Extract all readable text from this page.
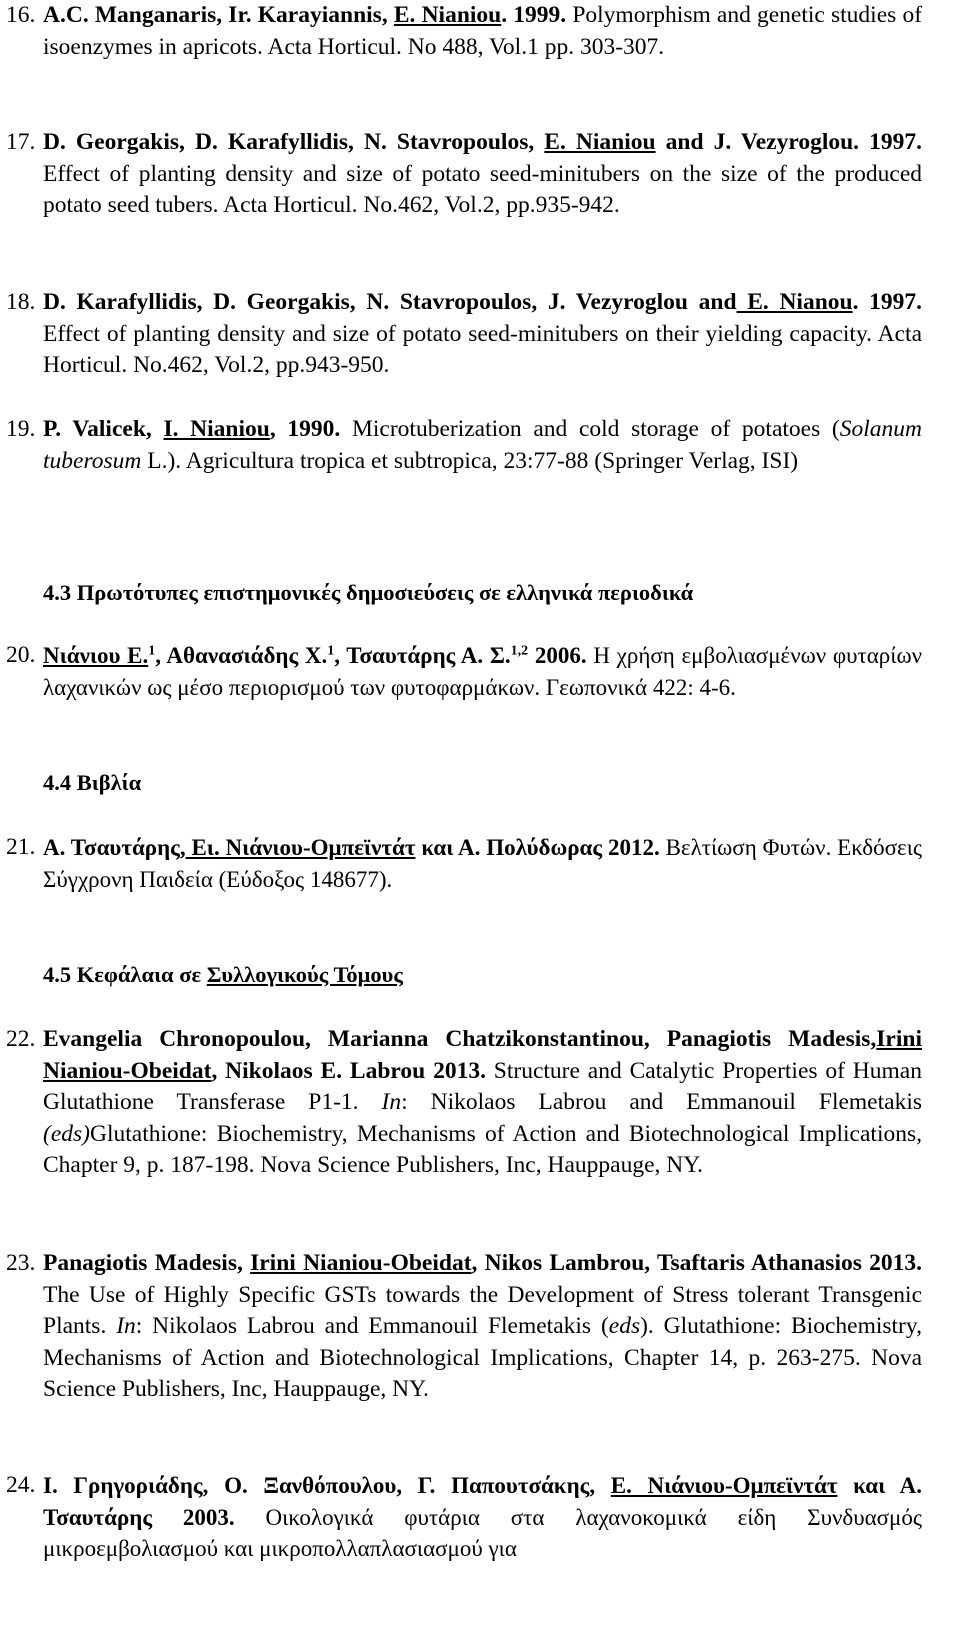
16. A.C. Manganaris, Ir. Karayiannis, E. Nianiou. 1999. Polymorphism and genetic studies of isoenzymes in apricots. Acta Horticul. No 488, Vol.1 pp. 303-307.
17. D. Georgakis, D. Karafyllidis, N. Stavropoulos, E. Nianiou and J. Vezyroglou. 1997. Effect of planting density and size of potato seed-minitubers on the size of the produced potato seed tubers. Acta Horticul. No.462, Vol.2, pp.935-942.
18. D. Karafyllidis, D. Georgakis, N. Stavropoulos, J. Vezyroglou and E. Nianou. 1997. Effect of planting density and size of potato seed-minitubers on their yielding capacity. Acta Horticul. No.462, Vol.2, pp.943-950.
19. P. Valicek, I. Nianiou, 1990. Microtuberization and cold storage of potatoes (Solanum tuberosum L.). Agricultura tropica et subtropica, 23:77-88 (Springer Verlag, ISI)
4.3 Πρωτότυπες επιστημονικές δημοσιεύσεις σε ελληνικά περιοδικά
20. Νιάνιου Ε.$^1$, Αθανασιάδης Χ.$^1$, Τσαυτάρης Α. Σ.$^{1,2}$ 2006. Η χρήση εμβολιασμένων φυταρίων λαχανικών ως μέσο περιορισμού των φυτοφαρμάκων. Γεωπονικά 422: 4-6.
4.4 Βιβλία
21. Α. Τσαυτάρης, Ει. Νιάνιου-Ομπεϊντάτ και Α. Πολύδωρας 2012. Βελτίωση Φυτών. Εκδόσεις Σύγχρονη Παιδεία (Εύδοξος 148677).
4.5 Κεφάλαια σε Συλλογικούς Τόμους
22. Evangelia Chronopoulou, Marianna Chatzikonstantinou, Panagiotis Madesis,Irini Nianiou-Obeidat, Nikolaos E. Labrou 2013. Structure and Catalytic Properties of Human Glutathione Transferase P1-1. In: Nikolaos Labrou and Emmanouil Flemetakis (eds)Glutathione: Biochemistry, Mechanisms of Action and Biotechnological Implications, Chapter 9, p. 187-198. Nova Science Publishers, Inc, Hauppauge, NY.
23. Panagiotis Madesis, Irini Nianiou-Obeidat, Nikos Lambrou, Tsaftaris Athanasios 2013. The Use of Highly Specific GSTs towards the Development of Stress tolerant Transgenic Plants. In: Nikolaos Labrou and Emmanouil Flemetakis (eds). Glutathione: Biochemistry, Mechanisms of Action and Biotechnological Implications, Chapter 14, p. 263-275. Nova Science Publishers, Inc, Hauppauge, NY.
24. Ι. Γρηγοριάδης, Ο. Ξανθόπουλου, Γ. Παπουτσάκης, Ε. Νιάνιου-Ομπεϊντάτ και Α. Τσαυτάρης 2003. Οικολογικά φυτάρια στα λαχανοκομικά είδη Συνδυασμός μικροεμβολιασμού και μικροπολλαπλασιασμού για
